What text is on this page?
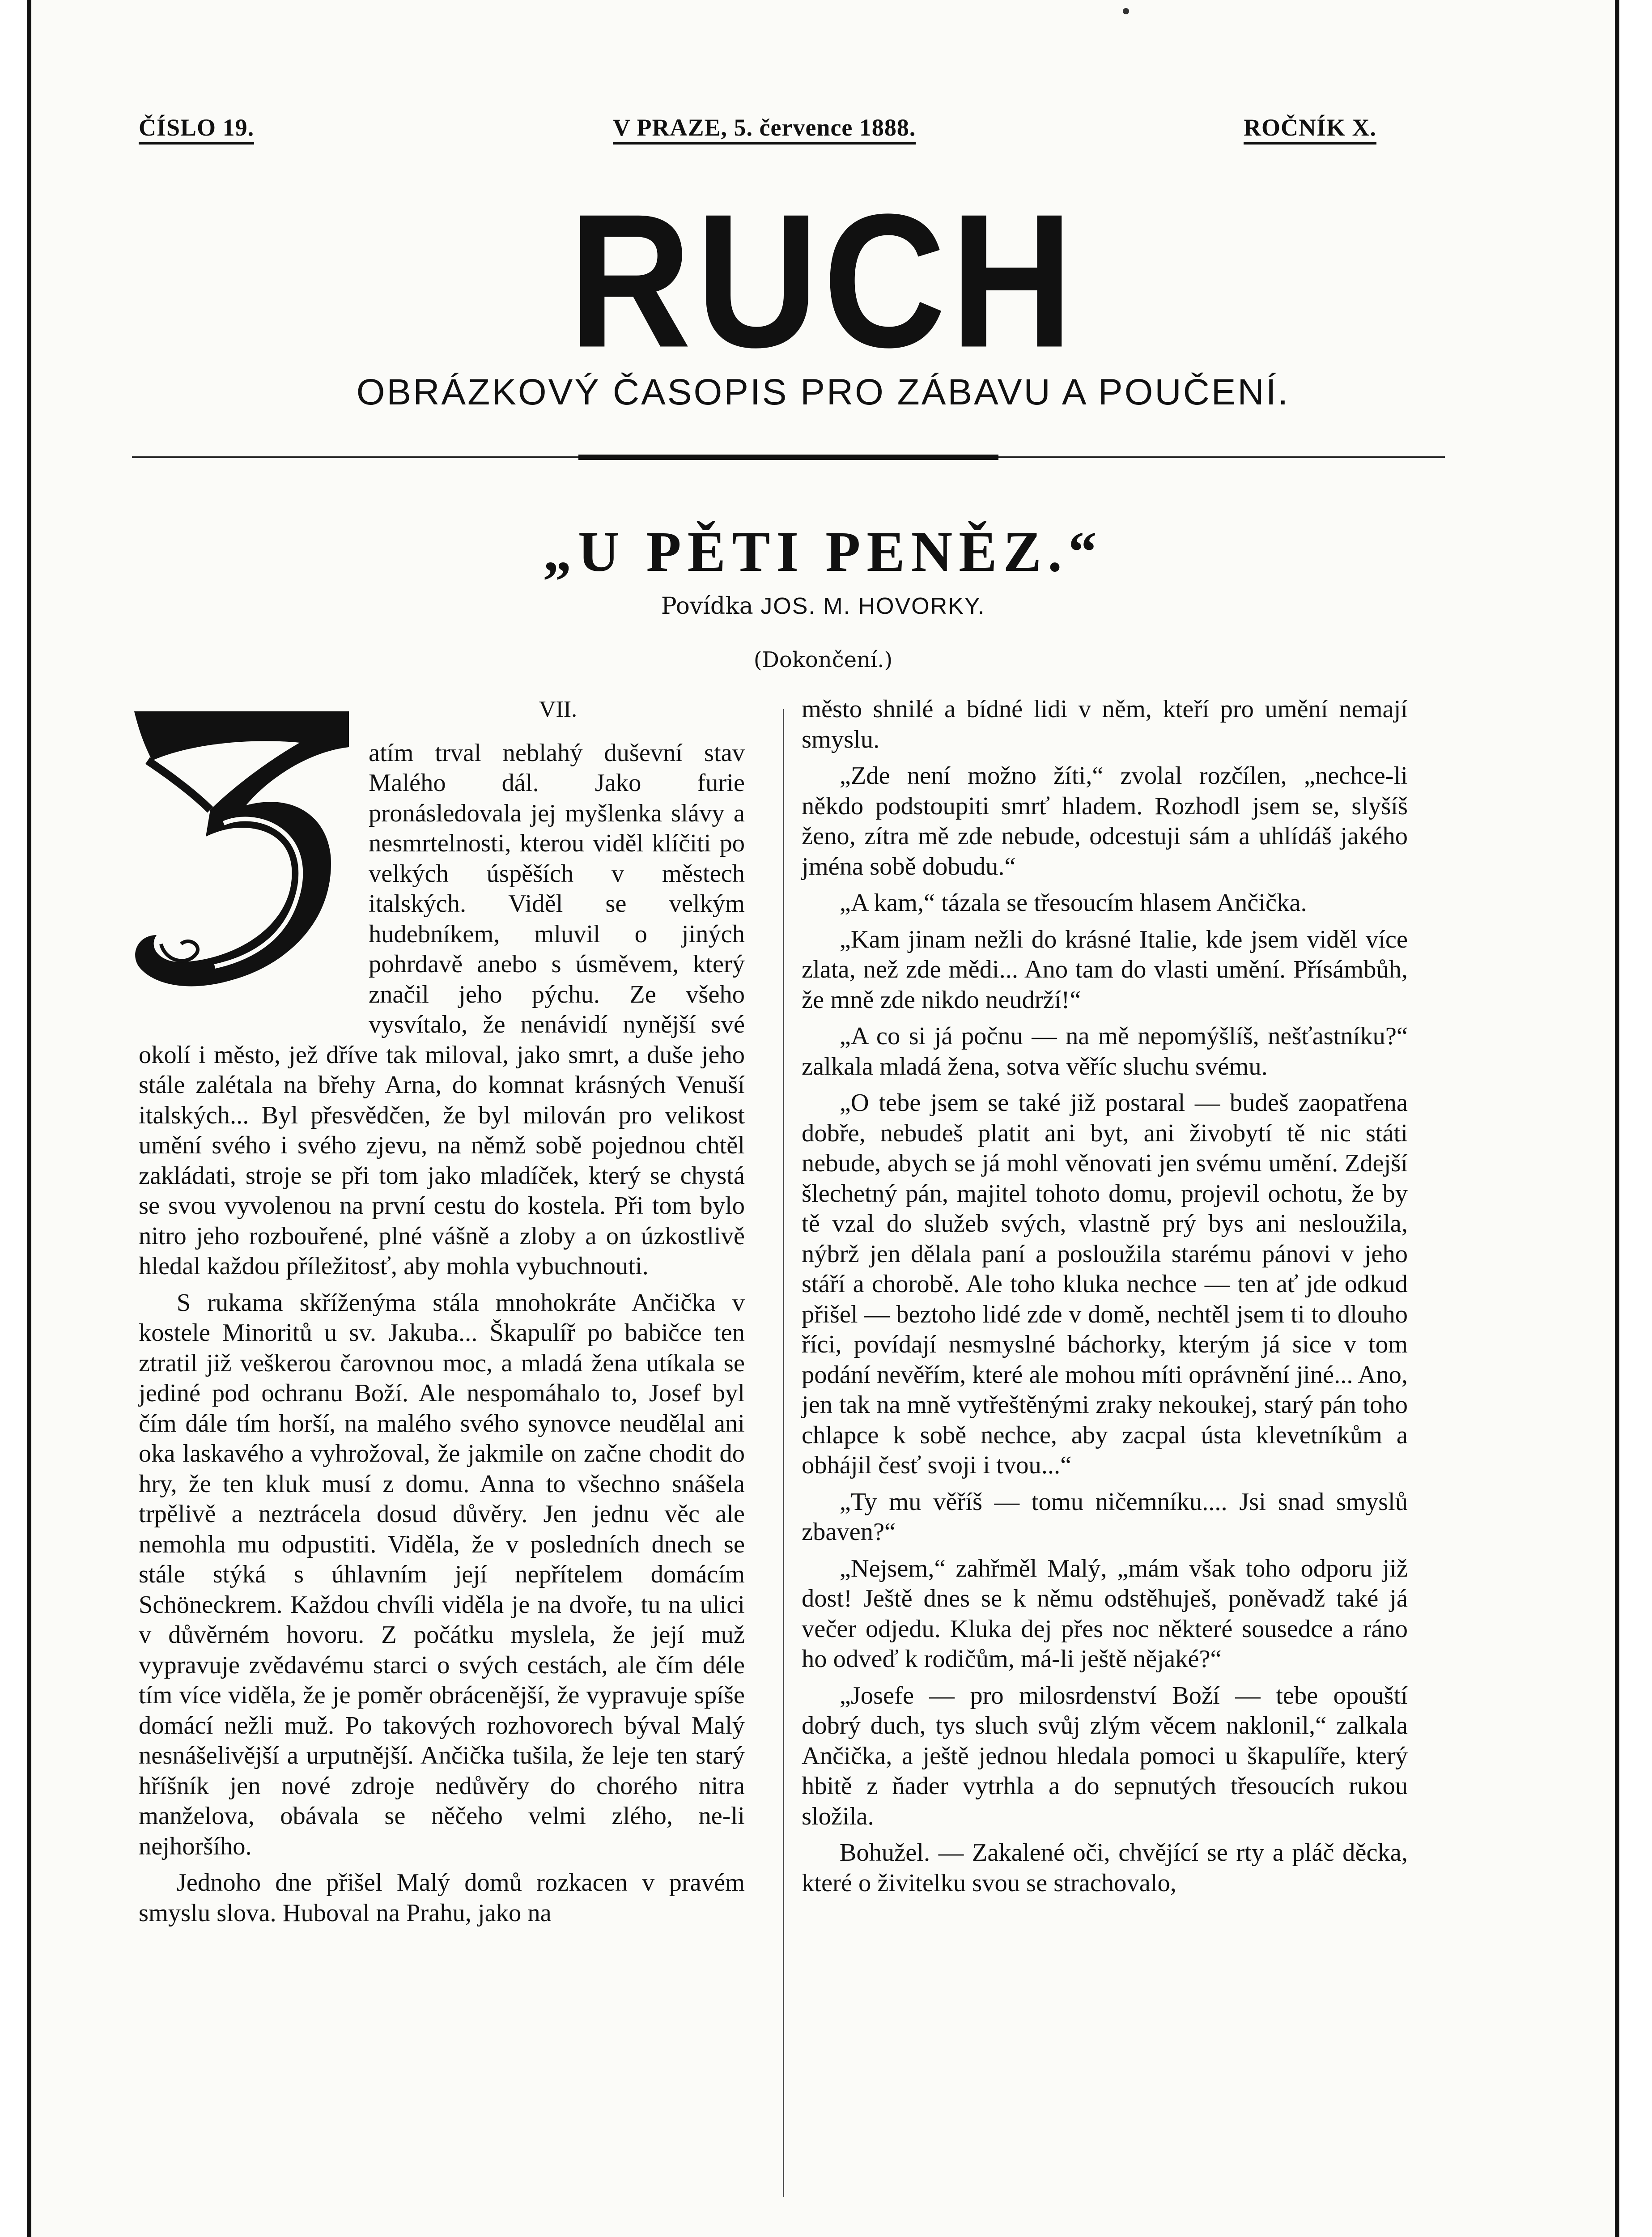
ČÍSLO 19.	V PRAZE, 5. července 1888.	ROČNÍK X.
RUCH
OBRÁZKOVÝ ČASOPIS PRO ZÁBAVU A POUČENÍ.
„U PĚTI PENĚZ.“
Povídka JOS. M. HOVORKY.
(Dokončení.)
VII.

atím trval neblahý duševní stav Malého dál. Jako furie pronásledovala jej myšlenka slávy a nesmrtelnosti, kterou viděl klíčiti po velkých úspěších v městech italských. Viděl se velkým hudebníkem, mluvil o jiných pohrdavě anebo s úsměvem, který značil jeho pýchu. Ze všeho vysvítalo, že nenávidí nynější své okolí i město, jež dříve tak miloval, jako smrt, a duše jeho stále zalétala na břehy Arna, do komnat krásných Venuší italských... Byl přesvědčen, že byl milován pro velikost umění svého i svého zjevu, na němž sobě pojednou chtěl zakládati, stroje se při tom jako mladíček, který se chystá se svou vyvolenou na první cestu do kostela. Při tom bylo nitro jeho rozbouřené, plné vášně a zloby a on úzkostlivě hledal každou příležitosť, aby mohla vybuchnouti.

S rukama skříženýma stála mnohokráte Ančička v kostele Minoritů u sv. Jakuba... Škapulíř po babičce ten ztratil již veškerou čarovnou moc, a mladá žena utíkala se jediné pod ochranu Boží. Ale nespomáhalo to, Josef byl čím dále tím horší, na malého svého synovce neudělal ani oka laskavého a vyhrožoval, že jakmile on začne chodit do hry, že ten kluk musí z domu. Anna to všechno snášela trpělivě a neztrácela dosud důvěry. Jen jednu věc ale nemohla mu odpustiti. Viděla, že v posledních dnech se stále stýká s úhlavním její nepřítelem domácím Schöneckrem. Každou chvíli viděla je na dvoře, tu na ulici v důvěrném hovoru. Z počátku myslela, že její muž vypravuje zvědavému starci o svých cestách, ale čím déle tím více viděla, že je poměr obrácenější, že vypravuje spíše domácí nežli muž. Po takových rozhovorech býval Malý nesnášelivější a urputnější. Ančička tušila, že leje ten starý hříšník jen nové zdroje nedůvěry do chorého nitra manželova, obávala se něčeho velmi zlého, ne-li nejhoršího.

Jednoho dne přišel Malý domů rozkacen v pravém smyslu slova. Huboval na Prahu, jako na

město shnilé a bídné lidi v něm, kteří pro umění nemají smyslu.

„Zde není možno žíti,“ zvolal rozčílen, „nechce-li někdo podstoupiti smrť hladem. Rozhodl jsem se, slyšíš ženo, zítra mě zde nebude, odcestuji sám a uhlídáš jakého jména sobě dobudu.“

„A kam,“ tázala se třesoucím hlasem Ančička.

„Kam jinam nežli do krásné Italie, kde jsem viděl více zlata, než zde mědi... Ano tam do vlasti umění. Přísámbůh, že mně zde nikdo neudrží!“

„A co si já počnu — na mě nepomýšlíš, nešťastníku?“ zalkala mladá žena, sotva věříc sluchu svému.

„O tebe jsem se také již postaral — budeš zaopatřena dobře, nebudeš platit ani byt, ani živobytí tě nic státi nebude, abych se já mohl věnovati jen svému umění. Zdejší šlechetný pán, majitel tohoto domu, projevil ochotu, že by tě vzal do služeb svých, vlastně prý bys ani nesloužila, nýbrž jen dělala paní a posloužila starému pánovi v jeho stáří a chorobě. Ale toho kluka nechce — ten ať jde odkud přišel — beztoho lidé zde v domě, nechtěl jsem ti to dlouho říci, povídají nesmyslné báchorky, kterým já sice v tom podání nevěřím, které ale mohou míti oprávnění jiné... Ano, jen tak na mně vytřeštěnými zraky nekoukej, starý pán toho chlapce k sobě nechce, aby zacpal ústa klevetníkům a obhájil česť svoji i tvou...“

„Ty mu věříš — tomu ničemníku.... Jsi snad smyslů zbaven?“

„Nejsem,“ zahřměl Malý, „mám však toho odporu již dost! Ještě dnes se k němu odstěhuješ, poněvadž také já večer odjedu. Kluka dej přes noc některé sousedce a ráno ho odveď k rodičům, má-li ještě nějaké?“

„Josefe — pro milosrdenství Boží — tebe opouští dobrý duch, tys sluch svůj zlým věcem naklonil,“ zalkala Ančička, a ještě jednou hledala pomoci u škapulíře, který hbitě z ňader vytrhla a do sepnutých třesoucích rukou složila.

Bohužel. — Zakalené oči, chvějící se rty a pláč děcka, které o živitelku svou se strachovalo,
